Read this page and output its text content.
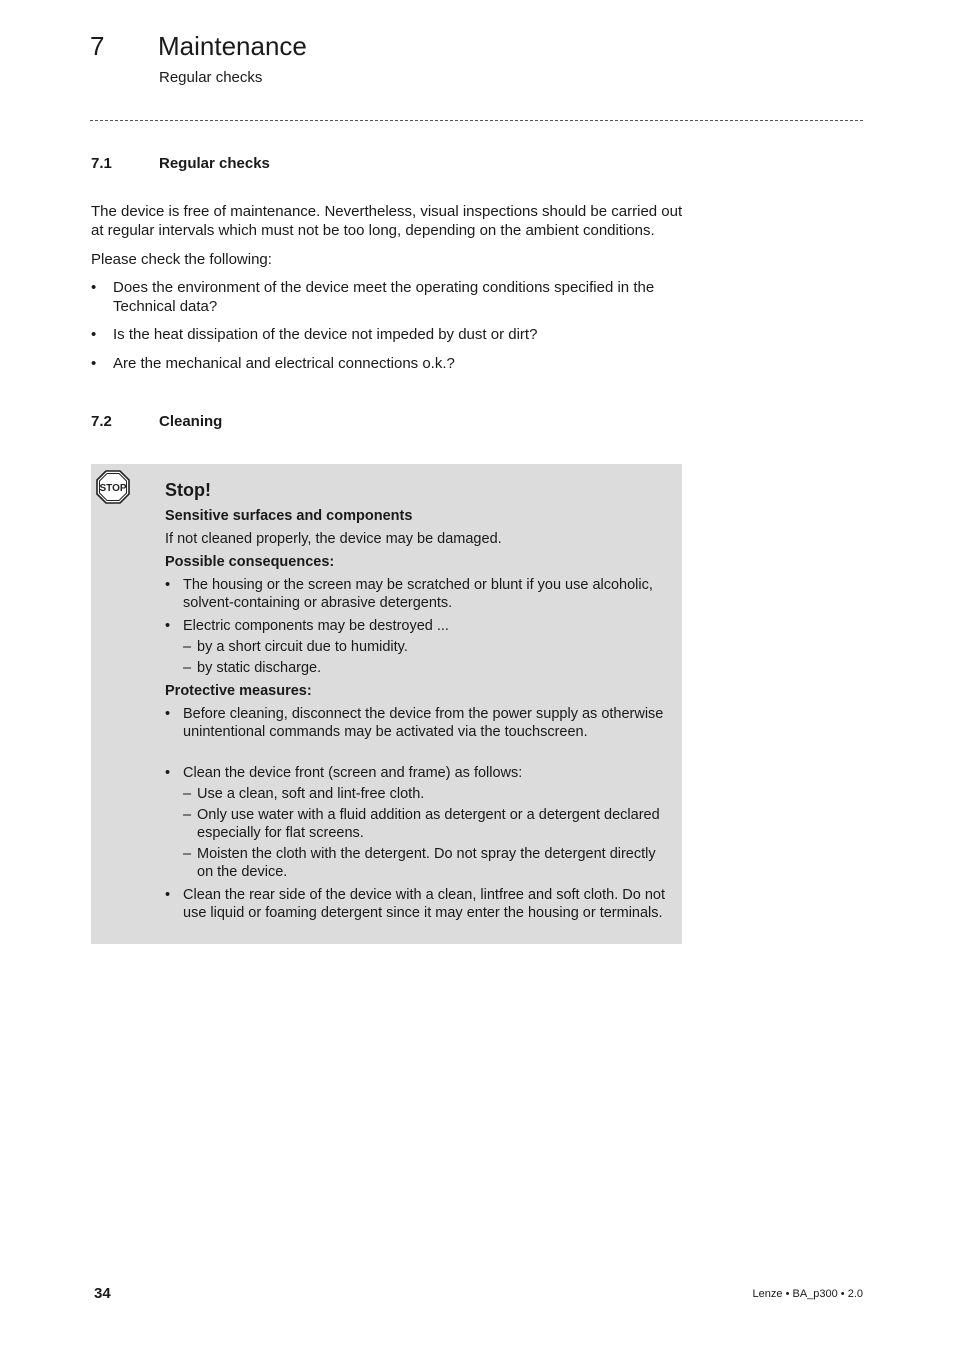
7 Maintenance
Regular checks
7.1	Regular checks
The device is free of maintenance. Nevertheless, visual inspections should be carried out at regular intervals which must not be too long, depending on the ambient conditions.
Please check the following:
• Does the environment of the device meet the operating conditions specified in the Technical data?
• Is the heat dissipation of the device not impeded by dust or dirt?
• Are the mechanical and electrical connections o.k.?
7.2	Cleaning
STOP Stop!
Sensitive surfaces and components
If not cleaned properly, the device may be damaged.
Possible consequences:
• The housing or the screen may be scratched or blunt if you use alcoholic, solvent-containing or abrasive detergents.
• Electric components may be destroyed ...
– by a short circuit due to humidity.
– by static discharge.
Protective measures:
• Before cleaning, disconnect the device from the power supply as otherwise unintentional commands may be activated via the touchscreen.
• Clean the device front (screen and frame) as follows:
– Use a clean, soft and lint-free cloth.
– Only use water with a fluid addition as detergent or a detergent declared especially for flat screens.
– Moisten the cloth with the detergent. Do not spray the detergent directly on the device.
• Clean the rear side of the device with a clean, lintfree and soft cloth. Do not use liquid or foaming detergent since it may enter the housing or terminals.
34	Lenze • BA_p300 • 2.0
